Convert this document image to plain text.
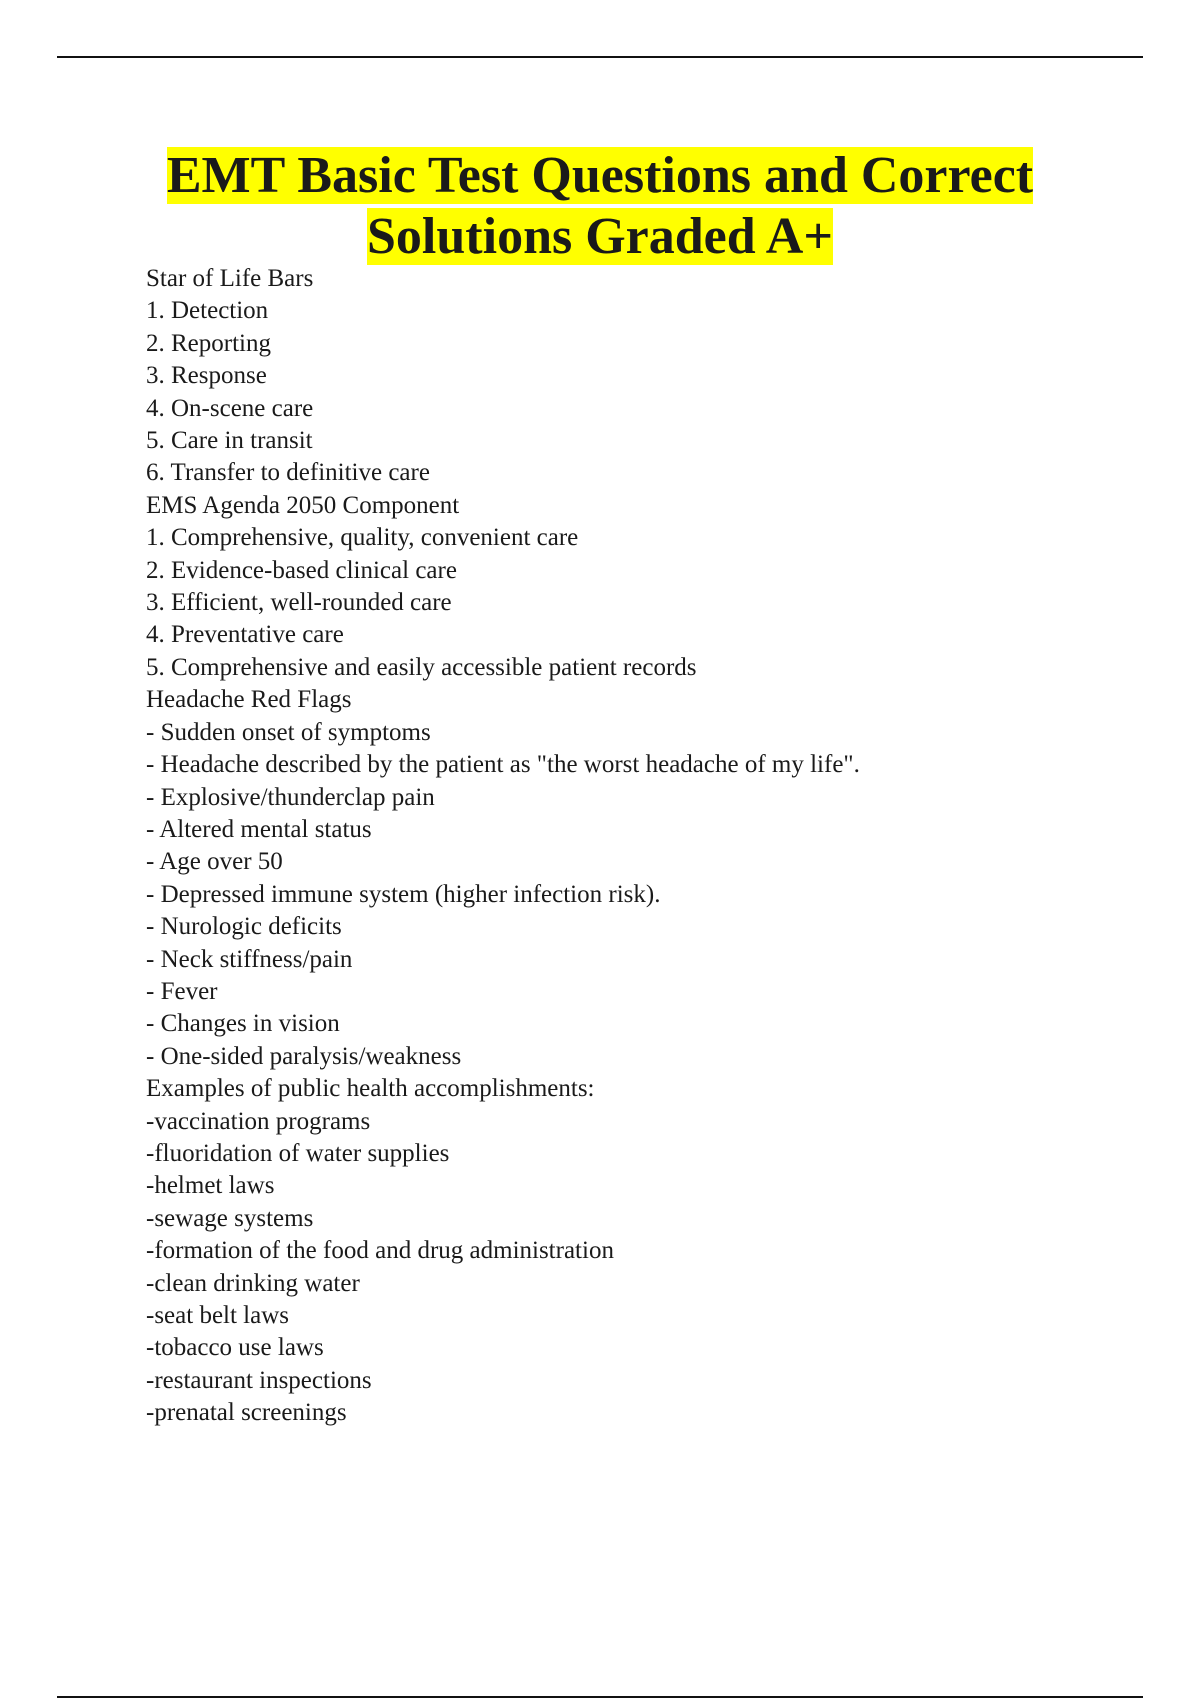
EMT Basic Test Questions and Correct
Solutions Graded A+
Star of Life Bars
1. Detection
2. Reporting
3. Response
4. On-scene care
5. Care in transit
6. Transfer to definitive care
EMS Agenda 2050 Component
1. Comprehensive, quality, convenient care
2. Evidence-based clinical care
3. Efficient, well-rounded care
4. Preventative care
5. Comprehensive and easily accessible patient records
Headache Red Flags
- Sudden onset of symptoms
- Headache described by the patient as "the worst headache of my life".
- Explosive/thunderclap pain
- Altered mental status
- Age over 50
- Depressed immune system (higher infection risk).
- Nurologic deficits
- Neck stiffness/pain
- Fever
- Changes in vision
- One-sided paralysis/weakness
Examples of public health accomplishments:
-vaccination programs
-fluoridation of water supplies
-helmet laws
-sewage systems
-formation of the food and drug administration
-clean drinking water
-seat belt laws
-tobacco use laws
-restaurant inspections
-prenatal screenings
